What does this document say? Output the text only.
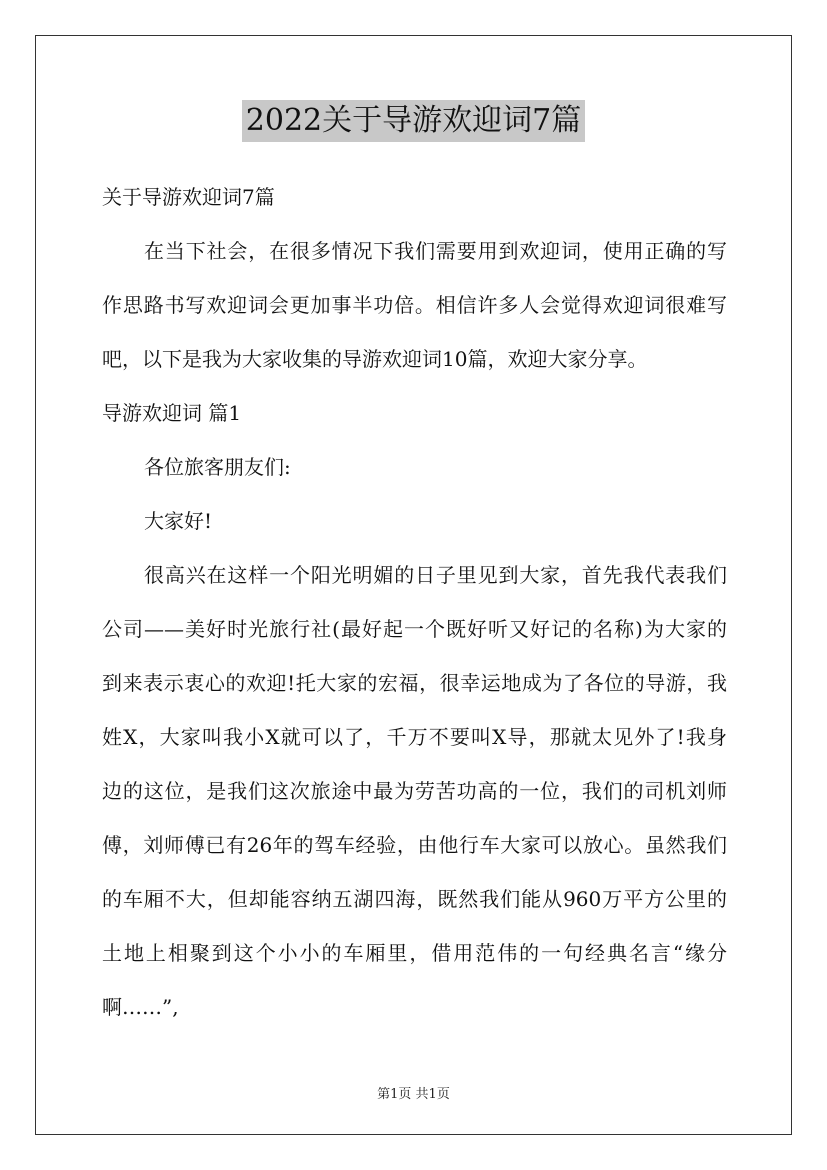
2022关于导游欢迎词7篇
关于导游欢迎词7篇
在当下社会，在很多情况下我们需要用到欢迎词，使用正确的写
作思路书写欢迎词会更加事半功倍。相信许多人会觉得欢迎词很难写
吧，以下是我为大家收集的导游欢迎词10篇，欢迎大家分享。
导游欢迎词 篇1
各位旅客朋友们:
大家好!
很高兴在这样一个阳光明媚的日子里见到大家，首先我代表我们
公司——美好时光旅行社(最好起一个既好听又好记的名称)为大家的
到来表示衷心的欢迎!托大家的宏福，很幸运地成为了各位的导游，我
姓X，大家叫我小X就可以了，千万不要叫X导，那就太见外了!我身
边的这位，是我们这次旅途中最为劳苦功高的一位，我们的司机刘师
傅，刘师傅已有26年的驾车经验，由他行车大家可以放心。虽然我们
的车厢不大，但却能容纳五湖四海，既然我们能从960万平方公里的
土地上相聚到这个小小的车厢里，借用范伟的一句经典名言“缘分
啊……”,
第1页 共1页
